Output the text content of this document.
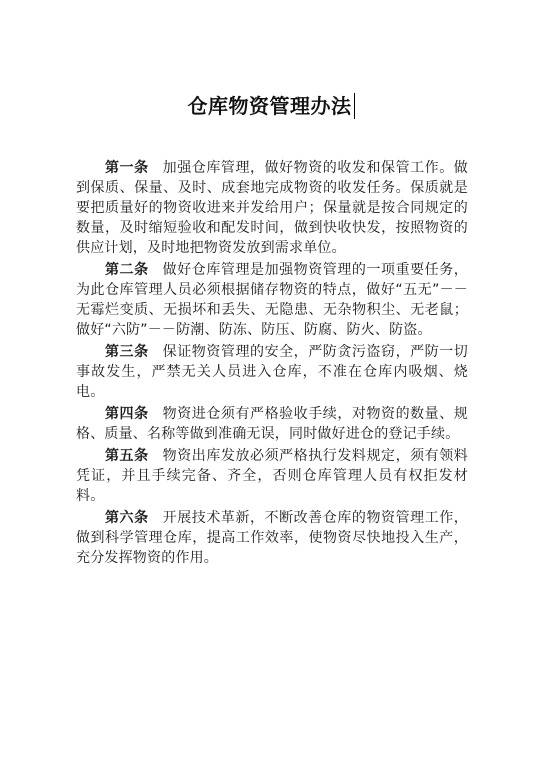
仓库物资管理办法

第一条 加强仓库管理，做好物资的收发和保管工作。做到保质、保量、及时、成套地完成物资的收发任务。保质就是要把质量好的物资收进来并发给用户；保量就是按合同规定的数量，及时缩短验收和配发时间，做到快收快发，按照物资的供应计划，及时地把物资发放到需求单位。

第二条 做好仓库管理是加强物资管理的一项重要任务，为此仓库管理人员必须根据储存物资的特点，做好“五无”－－无霉烂变质、无损坏和丢失、无隐患、无杂物积尘、无老鼠；做好“六防”－－防潮、防冻、防压、防腐、防火、防盗。

第三条 保证物资管理的安全，严防贪污盗窃，严防一切事故发生，严禁无关人员进入仓库，不准在仓库内吸烟、烧电。

第四条 物资进仓须有严格验收手续，对物资的数量、规格、质量、名称等做到准确无误，同时做好进仓的登记手续。

第五条 物资出库发放必须严格执行发料规定，须有领料凭证，并且手续完备、齐全，否则仓库管理人员有权拒发材料。

第六条 开展技术革新，不断改善仓库的物资管理工作，做到科学管理仓库，提高工作效率，使物资尽快地投入生产，充分发挥物资的作用。
